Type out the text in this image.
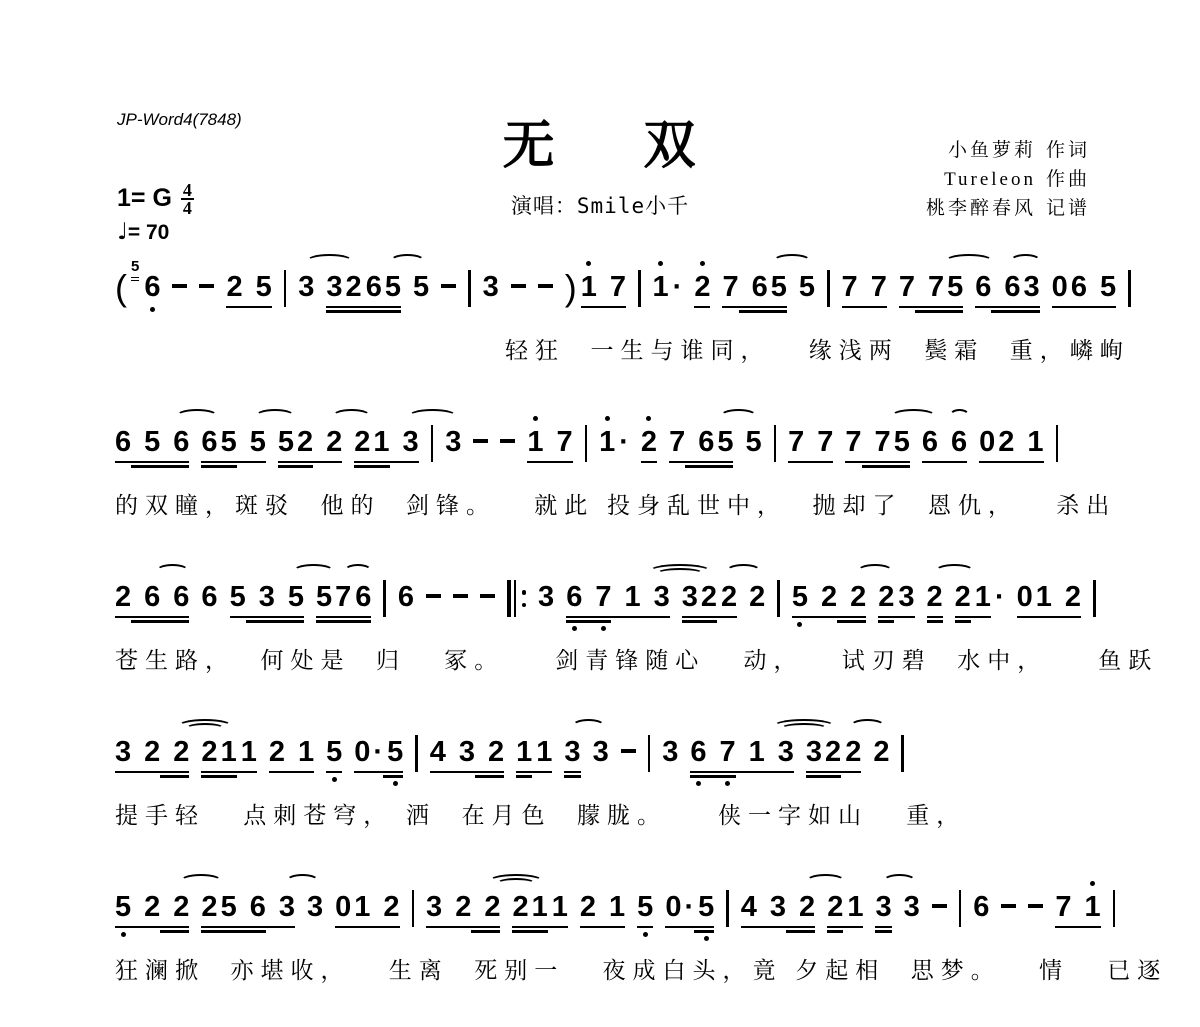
JP-Word4(7848)	无 双
演唱：Smile小千
小鱼萝莉 作词
Tureleon 作曲
桃李醉春风 记谱
1= G $\frac{4}{4}$
♩= 70
(5
6 2 5 3 3 2 6 5 5 3 ) 1 7 1 · 2 7 6 5 5 7 7 7 7 5 6 6 3 0 6 5
轻狂  一生与谁同，   缘浅两  鬓霜  重，嶙峋
6 5 6 6 5 5 5 2 2 2 1 3 3 1 7 1 · 2 7 6 5 5 7 7 7 7 5 6 6 0 2 1
的双瞳，斑驳  他的  剑锋。   就此 投身乱世中，  抛却了  恩仇，   杀出
2 6 6 6 5 3 5 5 7 6 6	3 6 7 1 3 3 2 2 2 5 2 2 2 3 2 2 1 · 0 1 2
苍生路，  何处是  归   冢。    剑青锋随心   动，   试刃碧  水中，    鱼跃
3 2 2 2 1 1 2 1 5 0 · 5 4 3 2 1 1 3 3 3 6 7 1 3 3 2 2 2
提手轻   点刺苍穹， 洒  在月色  朦胧。    侠一字如山   重，
5 2 2 2 5 6 3 3 0 1 2 3 2 2 2 1 1 2 1 5 0 · 5 4 3 2 2 1 3 3 6 7 1
狂澜掀  亦堪收，   生离  死别一   夜成白头，竟 夕起相  思梦。   情   已逐
